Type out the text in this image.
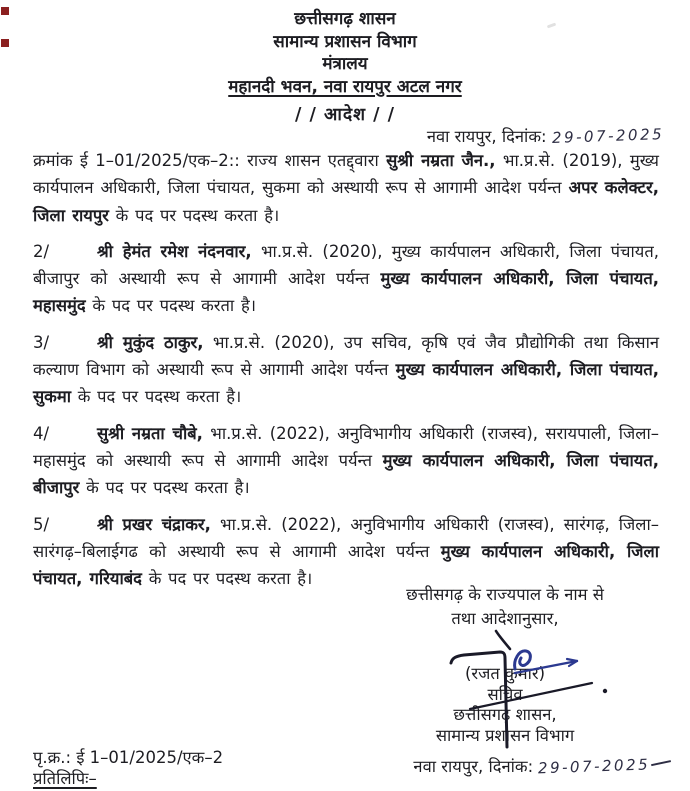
छत्तीसगढ़ शासन
सामान्य प्रशासन विभाग
मंत्रालय
महानदी भवन, नवा रायपुर अटल नगर
/ / आदेश / /
नवा रायपुर, दिनांक: 29-07-2025

क्रमांक ई 1–01/2025/एक–2:: राज्य शासन एतद्द्वारा सुश्री नम्रता जैन., भा.प्र.से. (2019), मुख्य कार्यपालन अधिकारी, जिला पंचायत, सुकमा को अस्थायी रूप से आगामी आदेश पर्यन्त अपर कलेक्टर, जिला रायपुर के पद पर पदस्थ करता है।

2/	श्री हेमंत रमेश नंदनवार, भा.प्र.से. (2020), मुख्य कार्यपालन अधिकारी, जिला पंचायत, बीजापुर को अस्थायी रूप से आगामी आदेश पर्यन्त मुख्य कार्यपालन अधिकारी, जिला पंचायत, महासमुंद के पद पर पदस्थ करता है।

3/	श्री मुकुंद ठाकुर, भा.प्र.से. (2020), उप सचिव, कृषि एवं जैव प्रौद्योगिकी तथा किसान कल्याण विभाग को अस्थायी रूप से आगामी आदेश पर्यन्त मुख्य कार्यपालन अधिकारी, जिला पंचायत, सुकमा के पद पर पदस्थ करता है।

4/	सुश्री नम्रता चौबे, भा.प्र.से. (2022), अनुविभागीय अधिकारी (राजस्व), सरायपाली, जिला–महासमुंद को अस्थायी रूप से आगामी आदेश पर्यन्त मुख्य कार्यपालन अधिकारी, जिला पंचायत, बीजापुर के पद पर पदस्थ करता है।

5/	श्री प्रखर चंद्राकर, भा.प्र.से. (2022), अनुविभागीय अधिकारी (राजस्व), सारंगढ़, जिला–सारंगढ़–बिलाईगढ को अस्थायी रूप से आगामी आदेश पर्यन्त मुख्य कार्यपालन अधिकारी, जिला पंचायत, गरियाबंद के पद पर पदस्थ करता है।

छत्तीसगढ़ के राज्यपाल के नाम से
तथा आदेशानुसार,
(रजत कुमार)
सचिव
छत्तीसगढ़ शासन,
सामान्य प्रशासन विभाग
नवा रायपुर, दिनांक: 29-07-2025
पृ.क्र.: ई 1–01/2025/एक–2
प्रतिलिपिः–
